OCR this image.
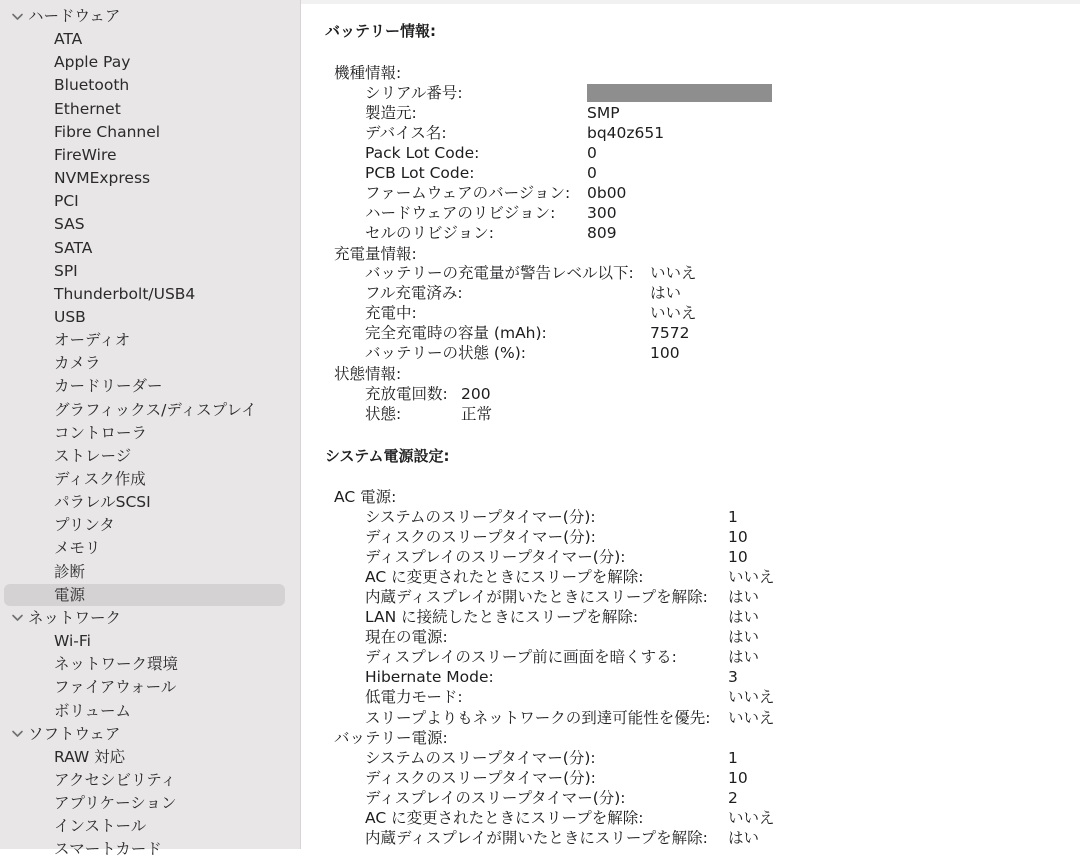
ハードウェア
ATA
Apple Pay
Bluetooth
Ethernet
Fibre Channel
FireWire
NVMExpress
PCI
SAS
SATA
SPI
Thunderbolt/USB4
USB
オーディオ
カメラ
カードリーダー
グラフィックス/ディスプレイ
コントローラ
ストレージ
ディスク作成
パラレルSCSI
プリンタ
メモリ
診断
電源
ネットワーク
Wi-Fi
ネットワーク環境
ファイアウォール
ボリューム
ソフトウェア
RAW 対応
アクセシビリティ
アプリケーション
インストール
スマートカード
バッテリー情報:
機種情報:
シリアル番号:
製造元:	SMP
デバイス名:	bq40z651
Pack Lot Code:	0
PCB Lot Code:	0
ファームウェアのバージョン: 0b00
ハードウェアのリビジョン: 300
セルのリビジョン:	809
充電量情報:
バッテリーの充電量が警告レベル以下: いいえ
フル充電済み:	はい
充電中:	いいえ
完全充電時の容量 (mAh):	7572
バッテリーの状態 (%):	100
状態情報:
充放電回数: 200
状態:	正常
システム電源設定:
AC 電源:
システムのスリープタイマー(分):	1
ディスクのスリープタイマー(分):	10
ディスプレイのスリープタイマー(分):	10
AC に変更されたときにスリープを解除:	いいえ
内蔵ディスプレイが開いたときにスリープを解除: はい
LAN に接続したときにスリープを解除:	はい
現在の電源:	はい
ディスプレイのスリープ前に画面を暗くする:	はい
Hibernate Mode:	3
低電力モード:	いいえ
スリープよりもネットワークの到達可能性を優先: いいえ
バッテリー電源:
システムのスリープタイマー(分):	1
ディスクのスリープタイマー(分):	10
ディスプレイのスリープタイマー(分):	2
AC に変更されたときにスリープを解除:	いいえ
内蔵ディスプレイが開いたときにスリープを解除: はい
